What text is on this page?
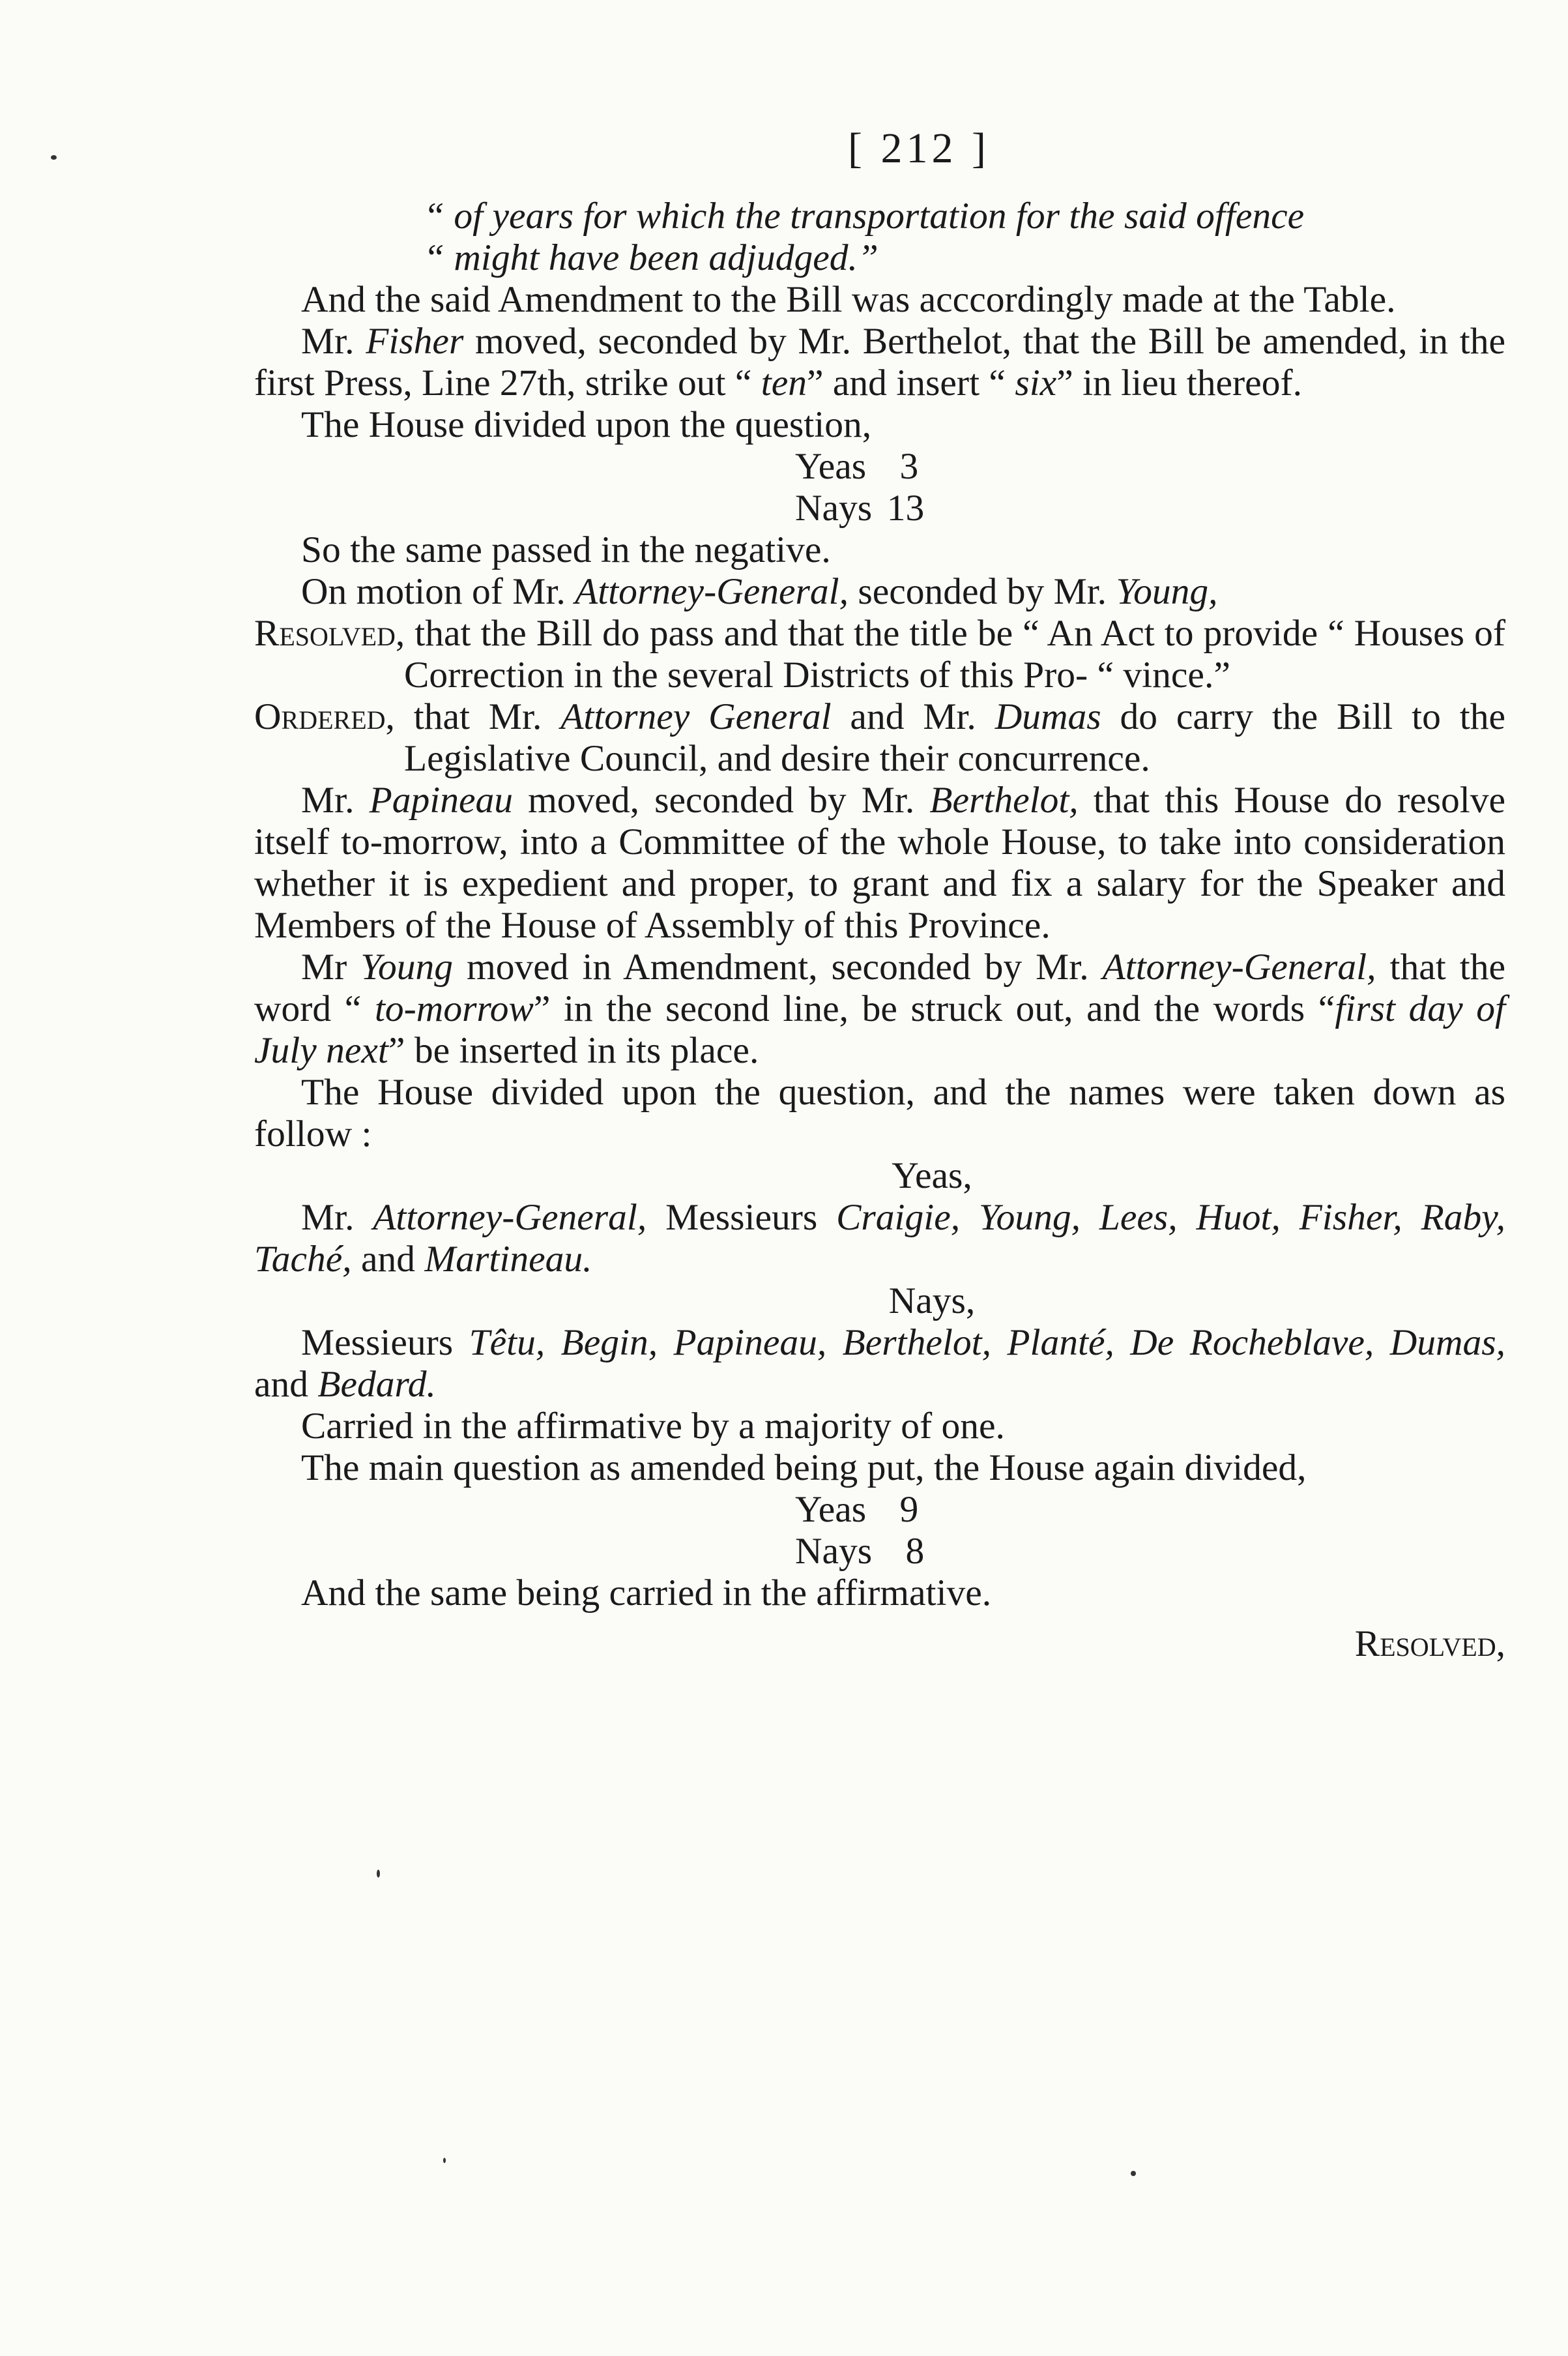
[ 212 ]

“ of years for which the transportation for the said offence

“ might have been adjudged.”

And the said Amendment to the Bill was acccordingly made at the Table.

Mr. Fisher moved, seconded by Mr. Berthelot, that the Bill be amended, in the first Press, Line 27th, strike out “ ten” and insert “ six” in lieu thereof.

The House divided upon the question,

Yeas 3

Nays 13

So the same passed in the negative.

On motion of Mr. Attorney-General, seconded by Mr. Young,

Resolved, that the Bill do pass and that the title be “ An Act to provide “ Houses of Correction in the several Districts of this Pro- “ vince.”

Ordered, that Mr. Attorney General and Mr. Dumas do carry the Bill to the Legislative Council, and desire their concurrence.

Mr. Papineau moved, seconded by Mr. Berthelot, that this House do resolve itself to-morrow, into a Committee of the whole House, to take into consideration whether it is expedient and proper, to grant and fix a salary for the Speaker and Members of the House of Assembly of this Province.

Mr Young moved in Amendment, seconded by Mr. Attorney-General, that the word “ to-morrow” in the second line, be struck out, and the words “first day of July next” be inserted in its place.

The House divided upon the question, and the names were taken down as follow :

Yeas,

Mr. Attorney-General, Messieurs Craigie, Young, Lees, Huot, Fisher, Raby, Taché, and Martineau.

Nays,

Messieurs Têtu, Begin, Papineau, Berthelot, Planté, De Rocheblave, Dumas, and Bedard.

Carried in the affirmative by a majority of one.

The main question as amended being put, the House again divided,

Yeas 9

Nays 8

And the same being carried in the affirmative.

Resolved,
